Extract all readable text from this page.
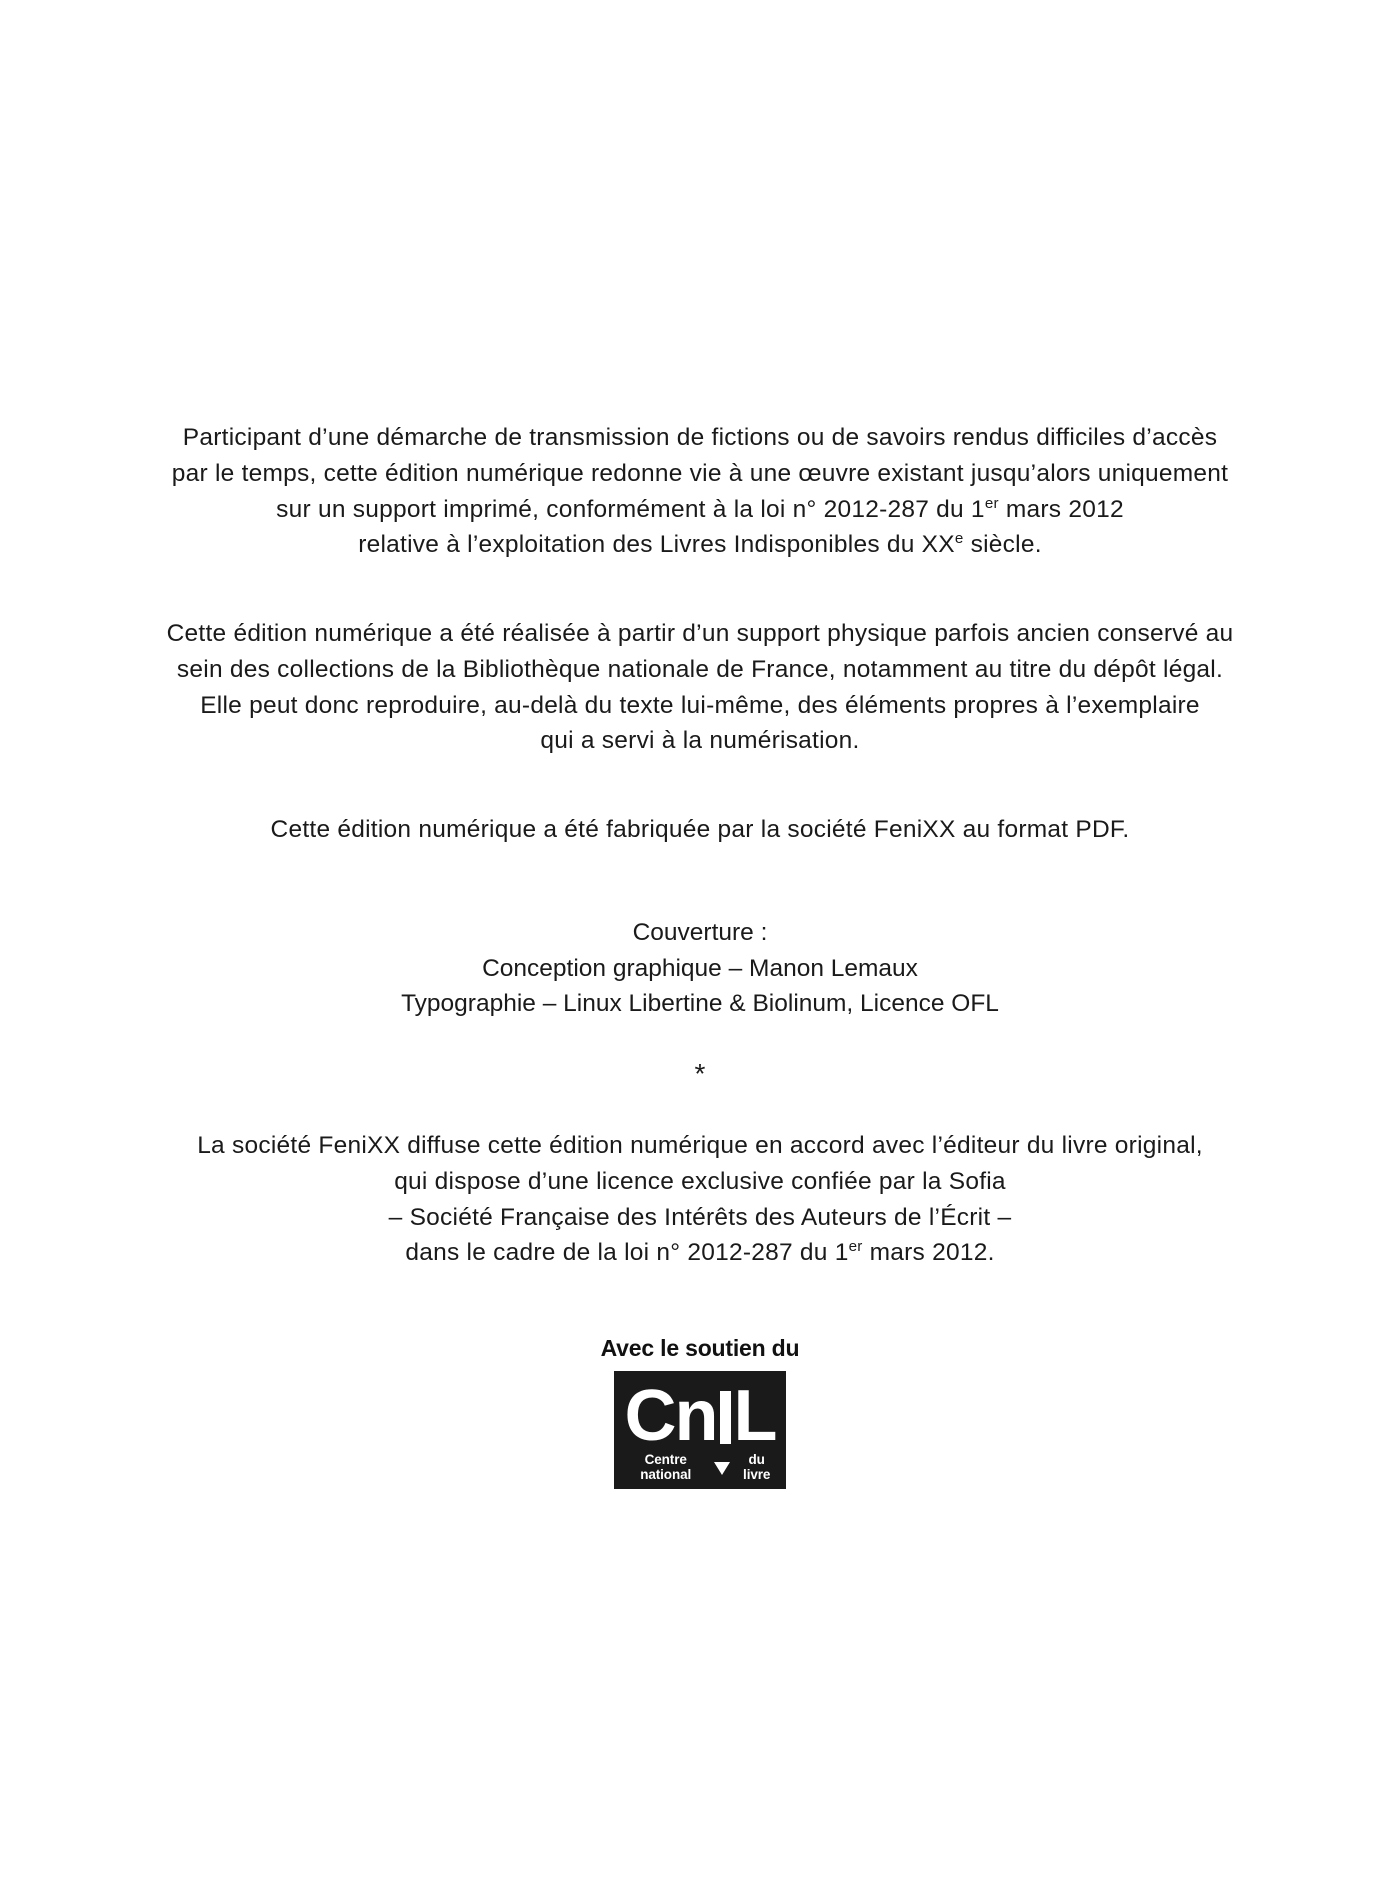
Participant d’une démarche de transmission de fictions ou de savoirs rendus difficiles d’accès
par le temps, cette édition numérique redonne vie à une œuvre existant jusqu’alors uniquement
sur un support imprimé, conformément à la loi n° 2012-287 du 1er mars 2012
relative à l’exploitation des Livres Indisponibles du XXe siècle.

Cette édition numérique a été réalisée à partir d’un support physique parfois ancien conservé au
sein des collections de la Bibliothèque nationale de France, notamment au titre du dépôt légal.
Elle peut donc reproduire, au-delà du texte lui-même, des éléments propres à l’exemplaire
qui a servi à la numérisation.

Cette édition numérique a été fabriquée par la société FeniXX au format PDF.

Couverture :
Conception graphique – Manon Lemaux
Typographie – Linux Libertine & Biolinum, Licence OFL
*

La société FeniXX diffuse cette édition numérique en accord avec l’éditeur du livre original,
qui dispose d’une licence exclusive confiée par la Sofia
– Société Française des Intérêts des Auteurs de l’Écrit –
dans le cadre de la loi n° 2012-287 du 1er mars 2012.

Avec le soutien du
Cn L
Centre national
du livre
